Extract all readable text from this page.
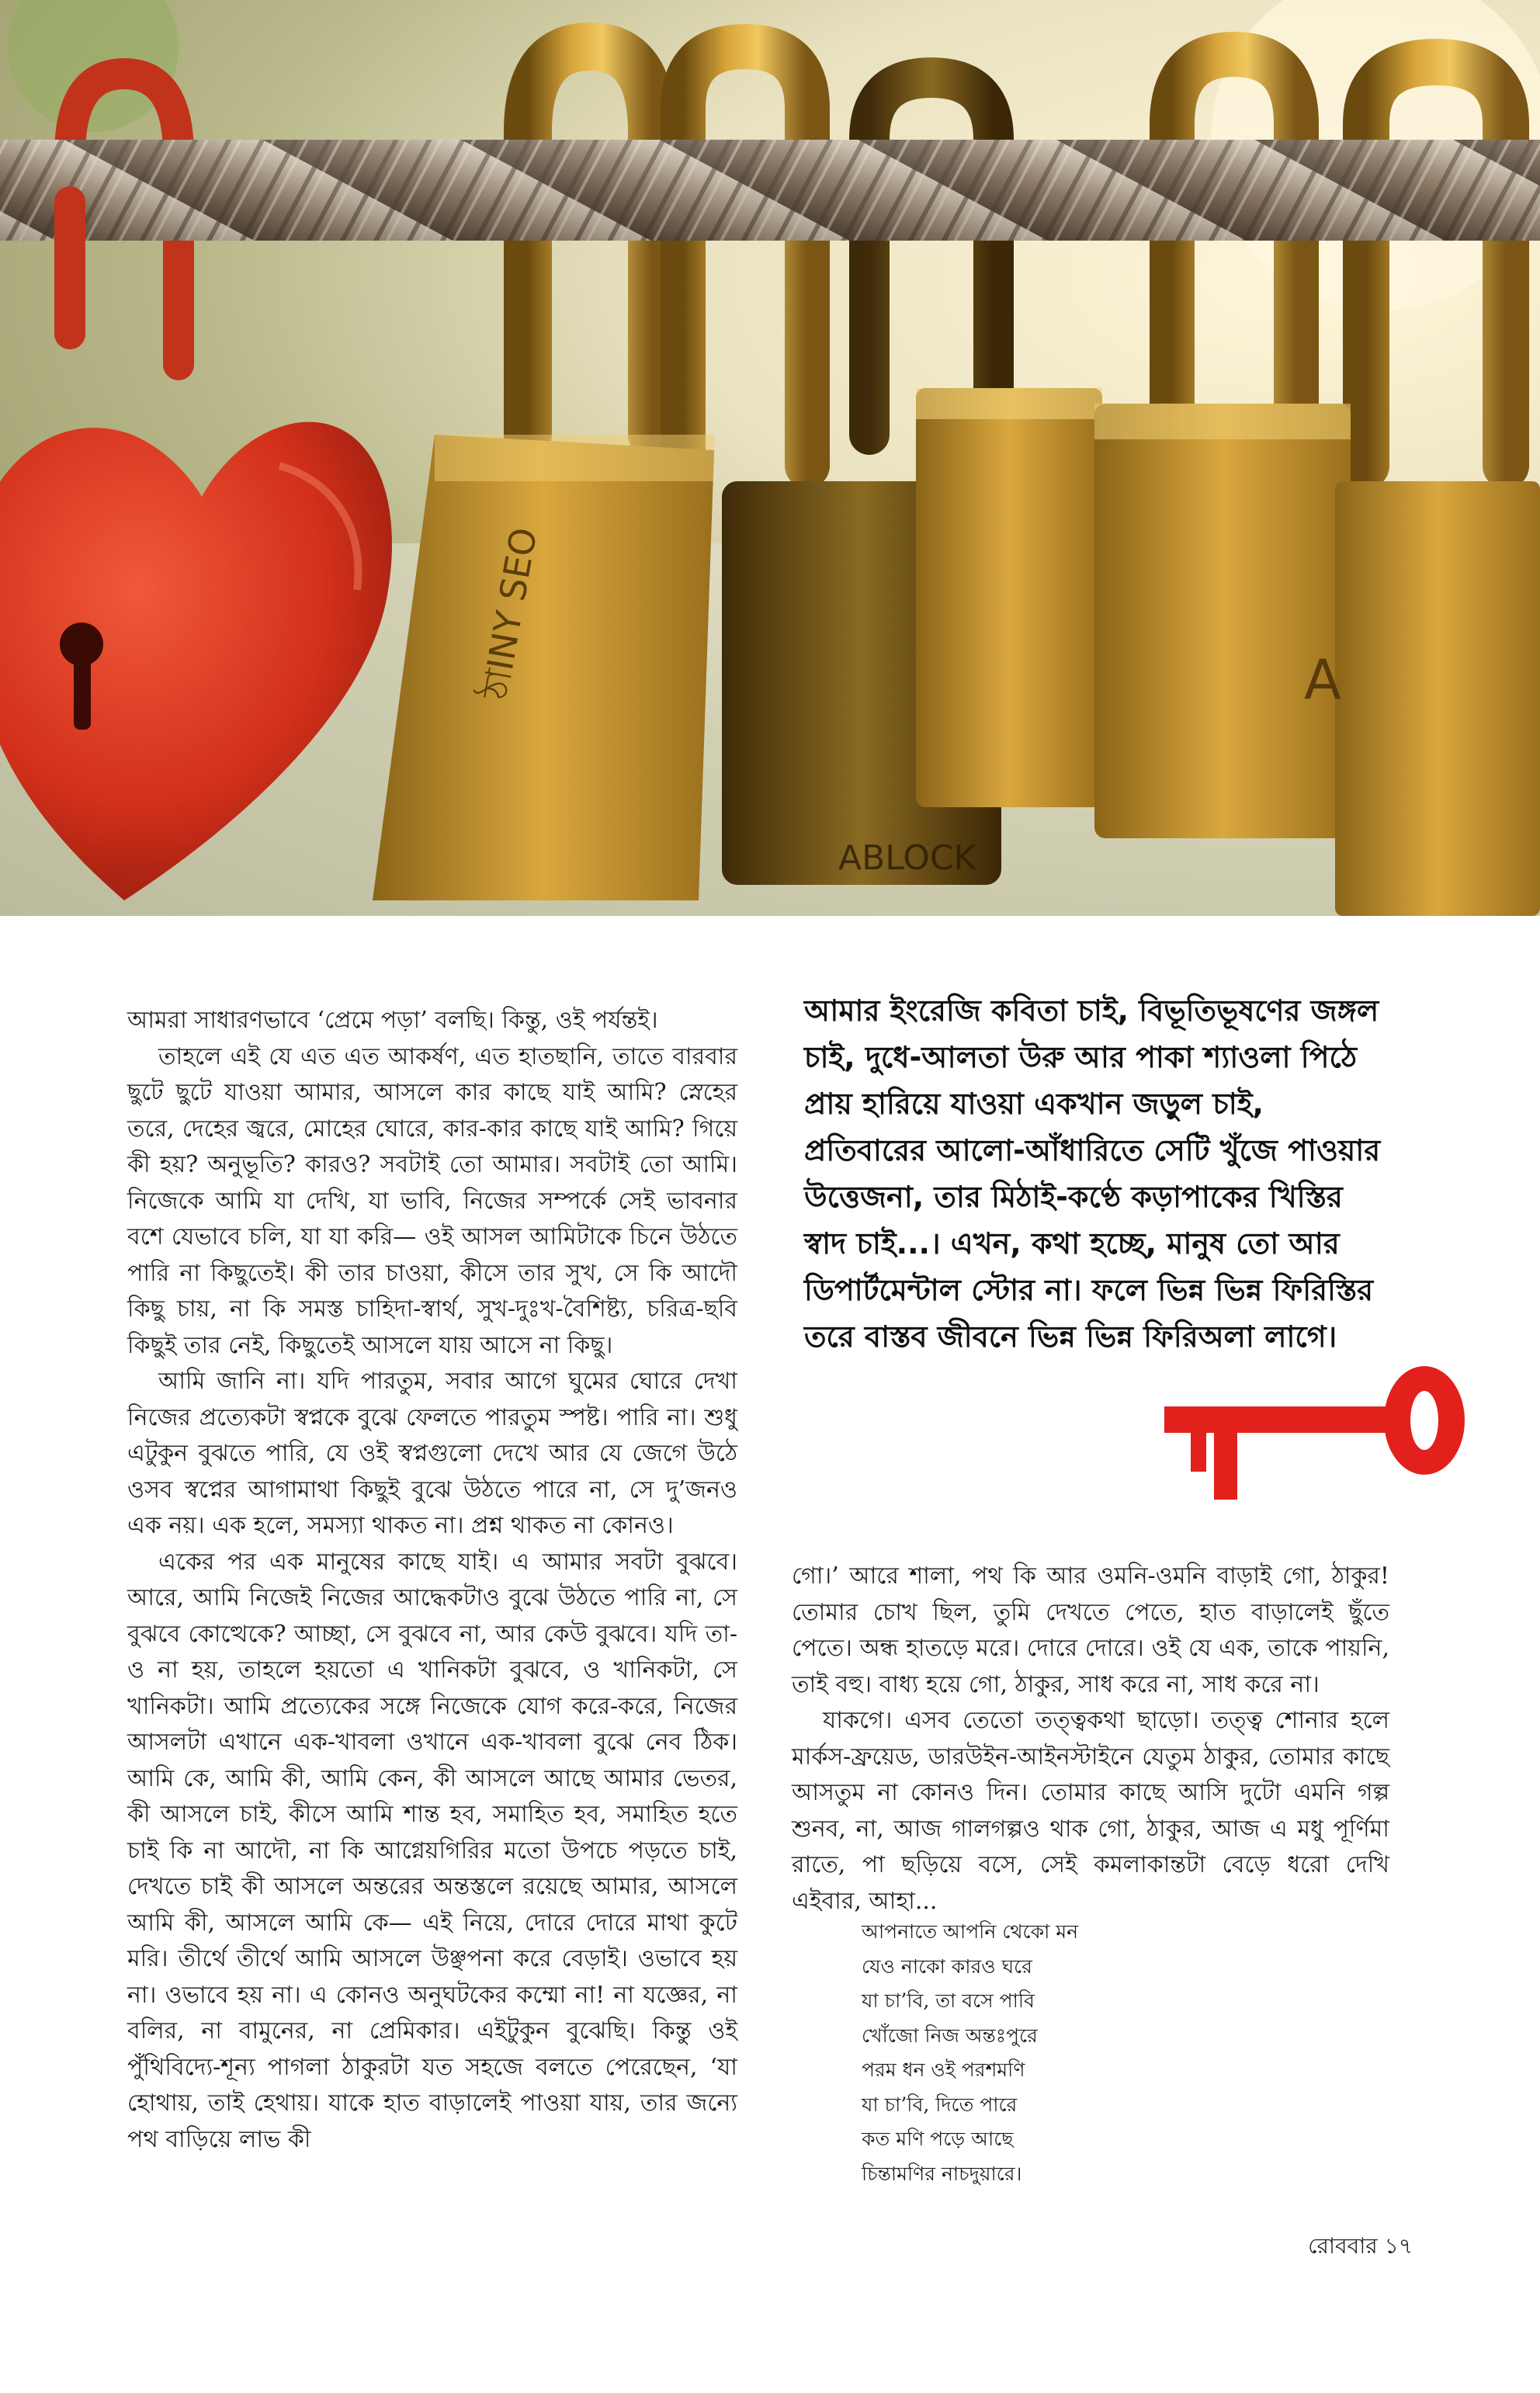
ABLOCK
ঠাINY SEO	A

আমরা সাধারণভাবে ‘প্রেমে পড়া’ বলছি। কিন্তু, ওই পর্যন্তই।

তাহলে এই যে এত এত আকর্ষণ, এত হাতছানি, তাতে বারবার ছুটে ছুটে যাওয়া আমার, আসলে কার কাছে যাই আমি? স্নেহের তরে, দেহের জ্বরে, মোহের ঘোরে, কার-কার কাছে যাই আমি? গিয়ে কী হয়? অনুভূতি? কারও? সবটাই তো আমার। সবটাই তো আমি। নিজেকে আমি যা দেখি, যা ভাবি, নিজের সম্পর্কে সেই ভাবনার বশে যেভাবে চলি, যা যা করি— ওই আসল আমিটাকে চিনে উঠতে পারি না কিছুতেই। কী তার চাওয়া, কীসে তার সুখ, সে কি আদৌ কিছু চায়, না কি সমস্ত চাহিদা-স্বার্থ, সুখ-দুঃখ-বৈশিষ্ট্য, চরিত্র-ছবি কিছুই তার নেই, কিছুতেই আসলে যায় আসে না কিছু।

আমি জানি না। যদি পারতুম, সবার আগে ঘুমের ঘোরে দেখা নিজের প্রত্যেকটা স্বপ্নকে বুঝে ফেলতে পারতুম স্পষ্ট। পারি না। শুধু এটুকুন বুঝতে পারি, যে ওই স্বপ্নগুলো দেখে আর যে জেগে উঠে ওসব স্বপ্নের আগামাথা কিছুই বুঝে উঠতে পারে না, সে দু’জনও এক নয়। এক হলে, সমস্যা থাকত না। প্রশ্ন থাকত না কোনও।

একের পর এক মানুষের কাছে যাই। এ আমার সবটা বুঝবে। আরে, আমি নিজেই নিজের আদ্ধেকটাও বুঝে উঠতে পারি না, সে বুঝবে কোত্থেকে? আচ্ছা, সে বুঝবে না, আর কেউ বুঝবে। যদি তা-ও না হয়, তাহলে হয়তো এ খানিকটা বুঝবে, ও খানিকটা, সে খানিকটা। আমি প্রত্যেকের সঙ্গে নিজেকে যোগ করে-করে, নিজের আসলটা এখানে এক-খাবলা ওখানে এক-খাবলা বুঝে নেব ঠিক। আমি কে, আমি কী, আমি কেন, কী আসলে আছে আমার ভেতর, কী আসলে চাই, কীসে আমি শান্ত হব, সমাহিত হব, সমাহিত হতে চাই কি না আদৌ, না কি আগ্নেয়গিরির মতো উপচে পড়তে চাই, দেখতে চাই কী আসলে অন্তরের অন্তস্তলে রয়েছে আমার, আসলে আমি কী, আসলে আমি কে— এই নিয়ে, দোরে দোরে মাথা কুটে মরি। তীর্থে তীর্থে আমি আসলে উঞ্ছপনা করে বেড়াই। ওভাবে হয় না। ওভাবে হয় না। এ কোনও অনুঘটকের কম্মো না! না যজ্ঞের, না বলির, না বামুনের, না প্রেমিকার। এইটুকুন বুঝেছি। কিন্তু ওই পুঁথিবিদ্যে-শূন্য পাগলা ঠাকুরটা যত সহজে বলতে পেরেছেন, ‘যা হোথায়, তাই হেথায়। যাকে হাত বাড়ালেই পাওয়া যায়, তার জন্যে পথ বাড়িয়ে লাভ কী

আমার ইংরেজি কবিতা চাই, বিভূতিভূষণের জঙ্গল চাই, দুধে-আলতা উরু আর পাকা শ্যাওলা পিঠে প্রায় হারিয়ে যাওয়া একখান জড়ুল চাই, প্রতিবারের আলো-আঁধারিতে সেটি খুঁজে পাওয়ার উত্তেজনা, তার মিঠাই-কণ্ঠে কড়াপাকের খিস্তির স্বাদ চাই...। এখন, কথা হচ্ছে, মানুষ তো আর ডিপার্টমেন্টাল স্টোর না। ফলে ভিন্ন ভিন্ন ফিরিস্তির তরে বাস্তব জীবনে ভিন্ন ভিন্ন ফিরিঅলা লাগে।

গো।’ আরে শালা, পথ কি আর ওমনি-ওমনি বাড়াই গো, ঠাকুর! তোমার চোখ ছিল, তুমি দেখতে পেতে, হাত বাড়ালেই ছুঁতে পেতে। অন্ধ হাতড়ে মরে। দোরে দোরে। ওই যে এক, তাকে পায়নি, তাই বহু। বাধ্য হয়ে গো, ঠাকুর, সাধ করে না, সাধ করে না।

যাকগে। এসব তেতো তত্ত্বকথা ছাড়ো। তত্ত্ব শোনার হলে মার্কস-ফ্রয়েড, ডারউইন-আইনস্টাইনে যেতুম ঠাকুর, তোমার কাছে আসতুম না কোনও দিন। তোমার কাছে আসি দুটো এমনি গল্প শুনব, না, আজ গালগল্পও থাক গো, ঠাকুর, আজ এ মধু পূর্ণিমা রাতে, পা ছড়িয়ে বসে, সেই কমলাকান্তটা বেড়ে ধরো দেখি এইবার, আহা...

আপনাতে আপনি থেকো মন
যেও নাকো কারও ঘরে
যা চা’বি, তা বসে পাবি
খোঁজো নিজ অন্তঃপুরে
পরম ধন ওই পরশমণি
যা চা’বি, দিতে পারে
কত মণি পড়ে আছে
চিন্তামণির নাচদুয়ারে।
রোববার ১৭
